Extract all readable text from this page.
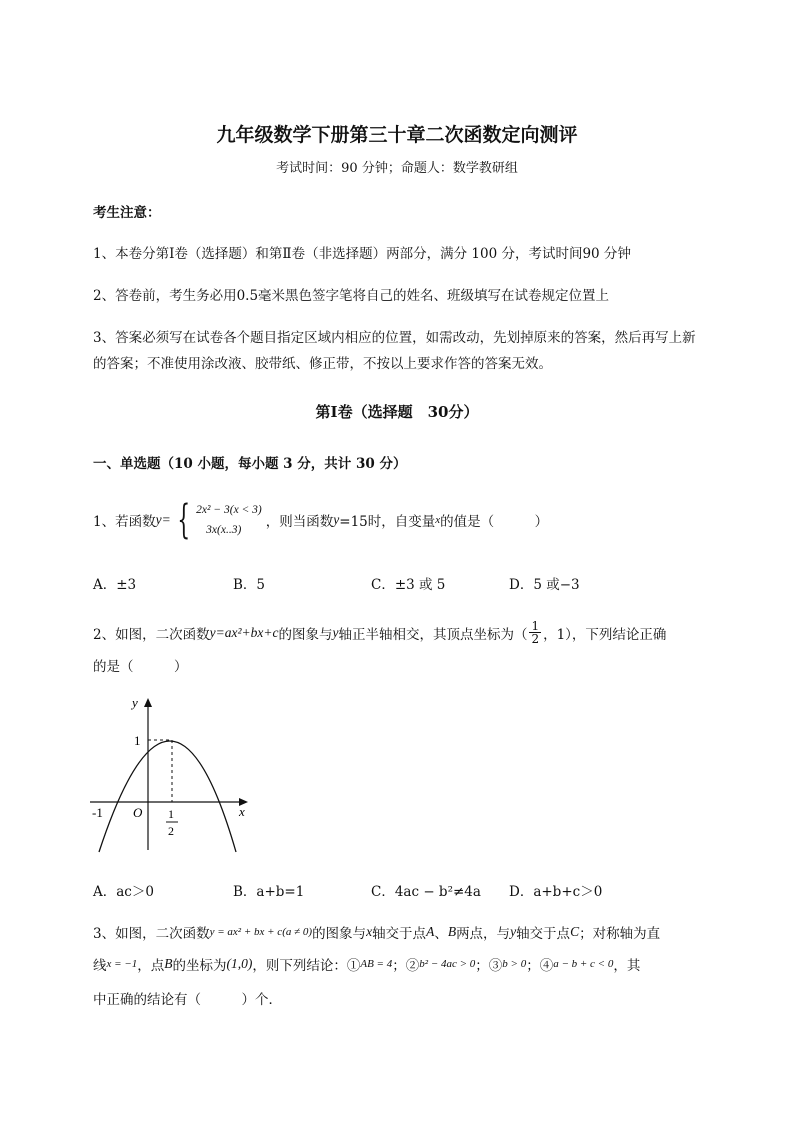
九年级数学下册第三十章二次函数定向测评
考试时间：90 分钟；命题人：数学教研组
考生注意：
1、本卷分第Ⅰ卷（选择题）和第Ⅱ卷（非选择题）两部分，满分 100 分，考试时间90 分钟
2、答卷前，考生务必用0.5毫米黑色签字笔将自己的姓名、班级填写在试卷规定位置上
3、答案必须写在试卷各个题目指定区域内相应的位置，如需改动，先划掉原来的答案，然后再写上新
的答案；不准使用涂改液、胶带纸、修正带，不按以上要求作答的答案无效。
第Ⅰ卷（选择题　30分）
一、单选题（10 小题，每小题 3 分，共计 30 分）
1、若函数 y = { 2x² − 3(x < 3)
3x(x..3)	，则当函数 y =15时，自变量 x 的值是（　　　）
A．±3	B．5	C．±3 或 5	D．5 或−3
2、如图，二次函数 y=ax²+bx+c 的图象与 y 轴正半轴相交，其顶点坐标为（ $\frac{1}{2}$ ，1），下列结论正确
的是（　　　）
y
x
1
-1 O 1
2
A．ac＞0	B．a+b=1	C．4ac − b²≠4a D．a+b+c＞0
3、如图，二次函数 y = ax² + bx + c(a ≠ 0) 的图象与 x 轴交于点 A 、 B 两点，与 y 轴交于点 C ；对称轴为直
线 x = −1 ，点 B 的坐标为 (1,0) ，则下列结论：① AB = 4 ；② b² − 4ac > 0 ；③ b > 0 ；④ a − b + c < 0 ，其
中正确的结论有（　　　）个．
